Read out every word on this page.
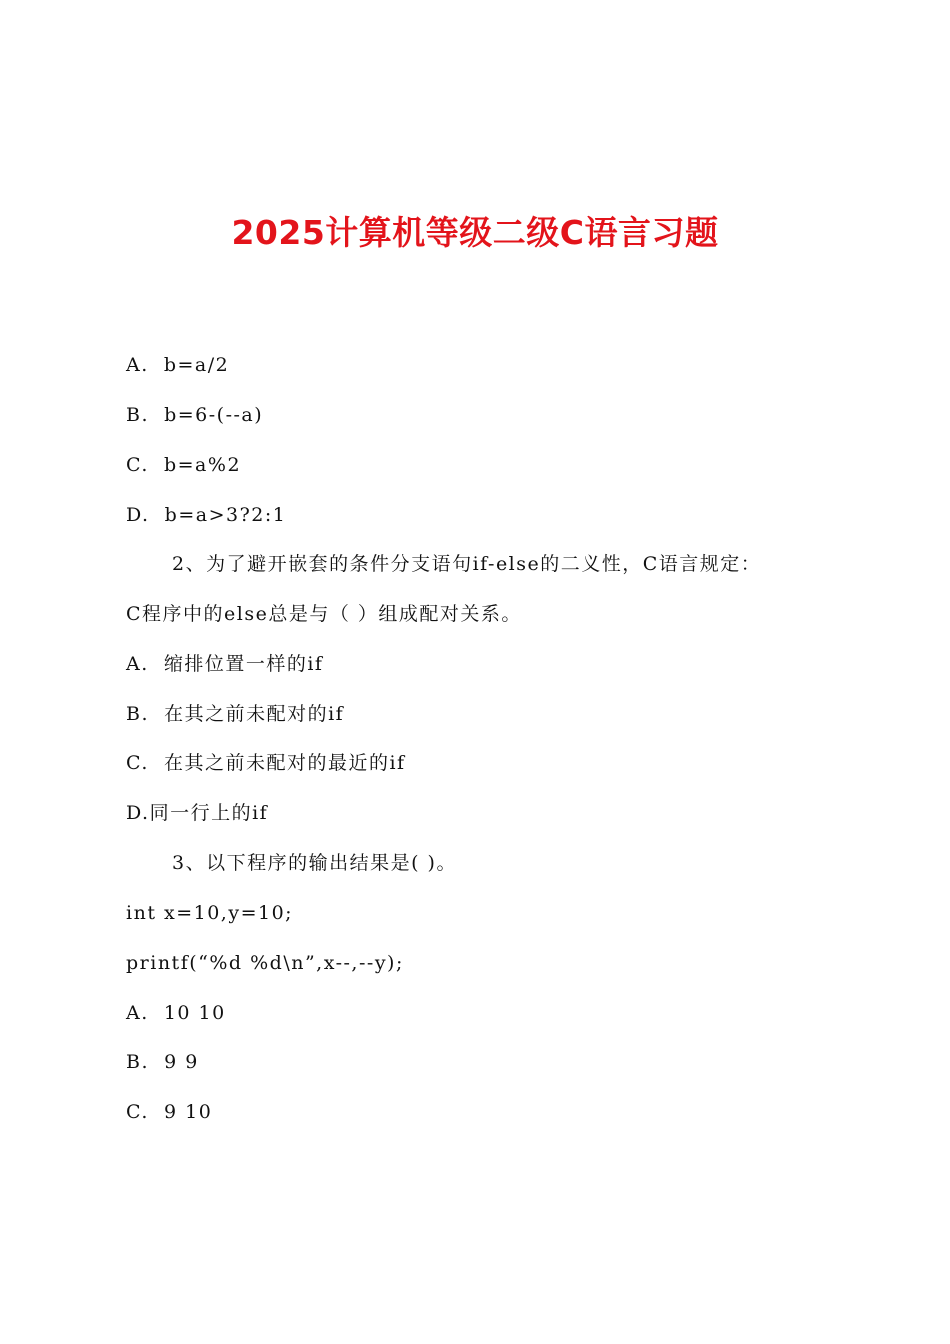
2025计算机等级二级C语言习题
A.  b=a/2
B.  b=6-(--a)
C.  b=a%2
D.  b=a>3?2:1
2、为了避开嵌套的条件分支语句if-else的二义性，C语言规定：
C程序中的else总是与（ ）组成配对关系。
A.  缩排位置一样的if
B.  在其之前未配对的if
C.  在其之前未配对的最近的if
D.同一行上的if
3、以下程序的输出结果是( )。
int x=10,y=10;
printf(“%d %d\n”,x--,--y);
A.  10 10
B.  9 9
C.  9 10
